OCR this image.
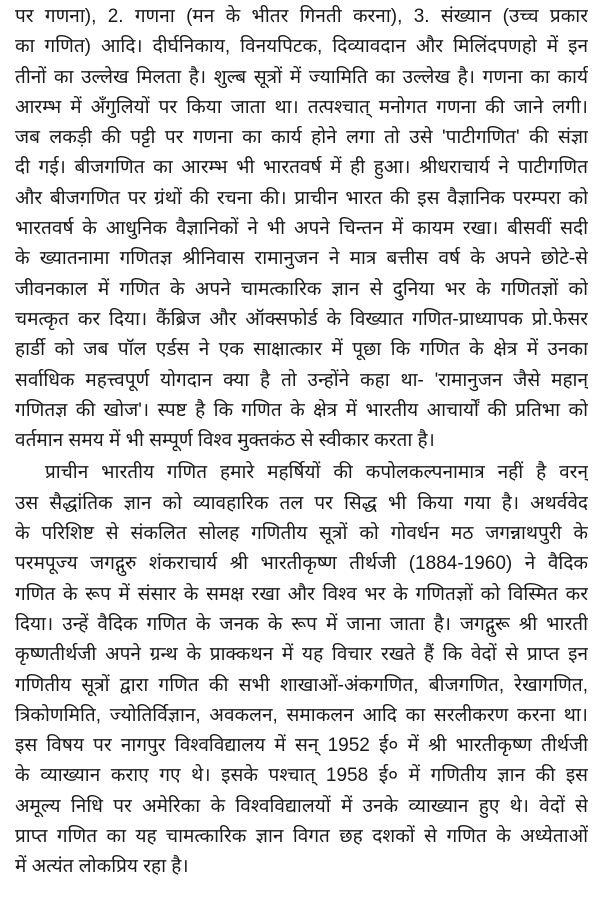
पर गणना), 2. गणना (मन के भीतर गिनती करना), 3. संख्यान (उच्च प्रकार
का गणित) आदि। दीर्घनिकाय, विनयपिटक, दिव्यावदान और मिलिंदपणहो में इन
तीनों का उल्लेख मिलता है। शुल्ब सूत्रों में ज्यामिति का उल्लेख है। गणना का कार्य
आरम्भ में अँगुलियों पर किया जाता था। तत्पश्चात् मनोगत गणना की जाने लगी।
जब लकड़ी की पट्टी पर गणना का कार्य होने लगा तो उसे 'पाटीगणित' की संज्ञा
दी गई। बीजगणित का आरम्भ भी भारतवर्ष में ही हुआ। श्रीधराचार्य ने पाटीगणित
और बीजगणित पर ग्रंथों की रचना की। प्राचीन भारत की इस वैज्ञानिक परम्परा को
भारतवर्ष के आधुनिक वैज्ञानिकों ने भी अपने चिन्तन में कायम रखा। बीसवीं सदी
के ख्यातनामा गणितज्ञ श्रीनिवास रामानुजन ने मात्र बत्तीस वर्ष के अपने छोटे-से
जीवनकाल में गणित के अपने चामत्कारिक ज्ञान से दुनिया भर के गणितज्ञों को
चमत्कृत कर दिया। कैंब्रिज और ऑक्सफोर्ड के विख्यात गणित-प्राध्यापक प्रो.फेसर
हार्डी को जब पॉल एर्डस ने एक साक्षात्कार में पूछा कि गणित के क्षेत्र में उनका
सर्वाधिक महत्त्वपूर्ण योगदान क्या है तो उन्होंने कहा था- 'रामानुजन जैसे महान्
गणितज्ञ की खोज'। स्पष्ट है कि गणित के क्षेत्र में भारतीय आचार्यों की प्रतिभा को
वर्तमान समय में भी सम्पूर्ण विश्व मुक्तकंठ से स्वीकार करता है।
प्राचीन भारतीय गणित हमारे महर्षियों की कपोलकल्पनामात्र नहीं है वरन्
उस सैद्धांतिक ज्ञान को व्यावहारिक तल पर सिद्ध भी किया गया है। अथर्ववेद
के परिशिष्ट से संकलित सोलह गणितीय सूत्रों को गोवर्धन मठ जगन्नाथपुरी के
परमपूज्य जगद्गुरु शंकराचार्य श्री भारतीकृष्ण तीर्थजी (1884-1960) ने वैदिक
गणित के रूप में संसार के समक्ष रखा और विश्व भर के गणितज्ञों को विस्मित कर
दिया। उन्हें वैदिक गणित के जनक के रूप में जाना जाता है। जगद्गुरू श्री भारती
कृष्णतीर्थजी अपने ग्रन्थ के प्राक्कथन में यह विचार रखते हैं कि वेदों से प्राप्त इन
गणितीय सूत्रों द्वारा गणित की सभी शाखाओं-अंकगणित, बीजगणित, रेखागणित,
त्रिकोणमिति, ज्योतिर्विज्ञान, अवकलन, समाकलन आदि का सरलीकरण करना था।
इस विषय पर नागपुर विश्वविद्यालय में सन् 1952 ई० में श्री भारतीकृष्ण तीर्थजी
के व्याख्यान कराए गए थे। इसके पश्चात् 1958 ई० में गणितीय ज्ञान की इस
अमूल्य निधि पर अमेरिका के विश्वविद्यालयों में उनके व्याख्यान हुए थे। वेदों से
प्राप्त गणित का यह चामत्कारिक ज्ञान विगत छह दशकों से गणित के अध्येताओं
में अत्यंत लोकप्रिय रहा है।
